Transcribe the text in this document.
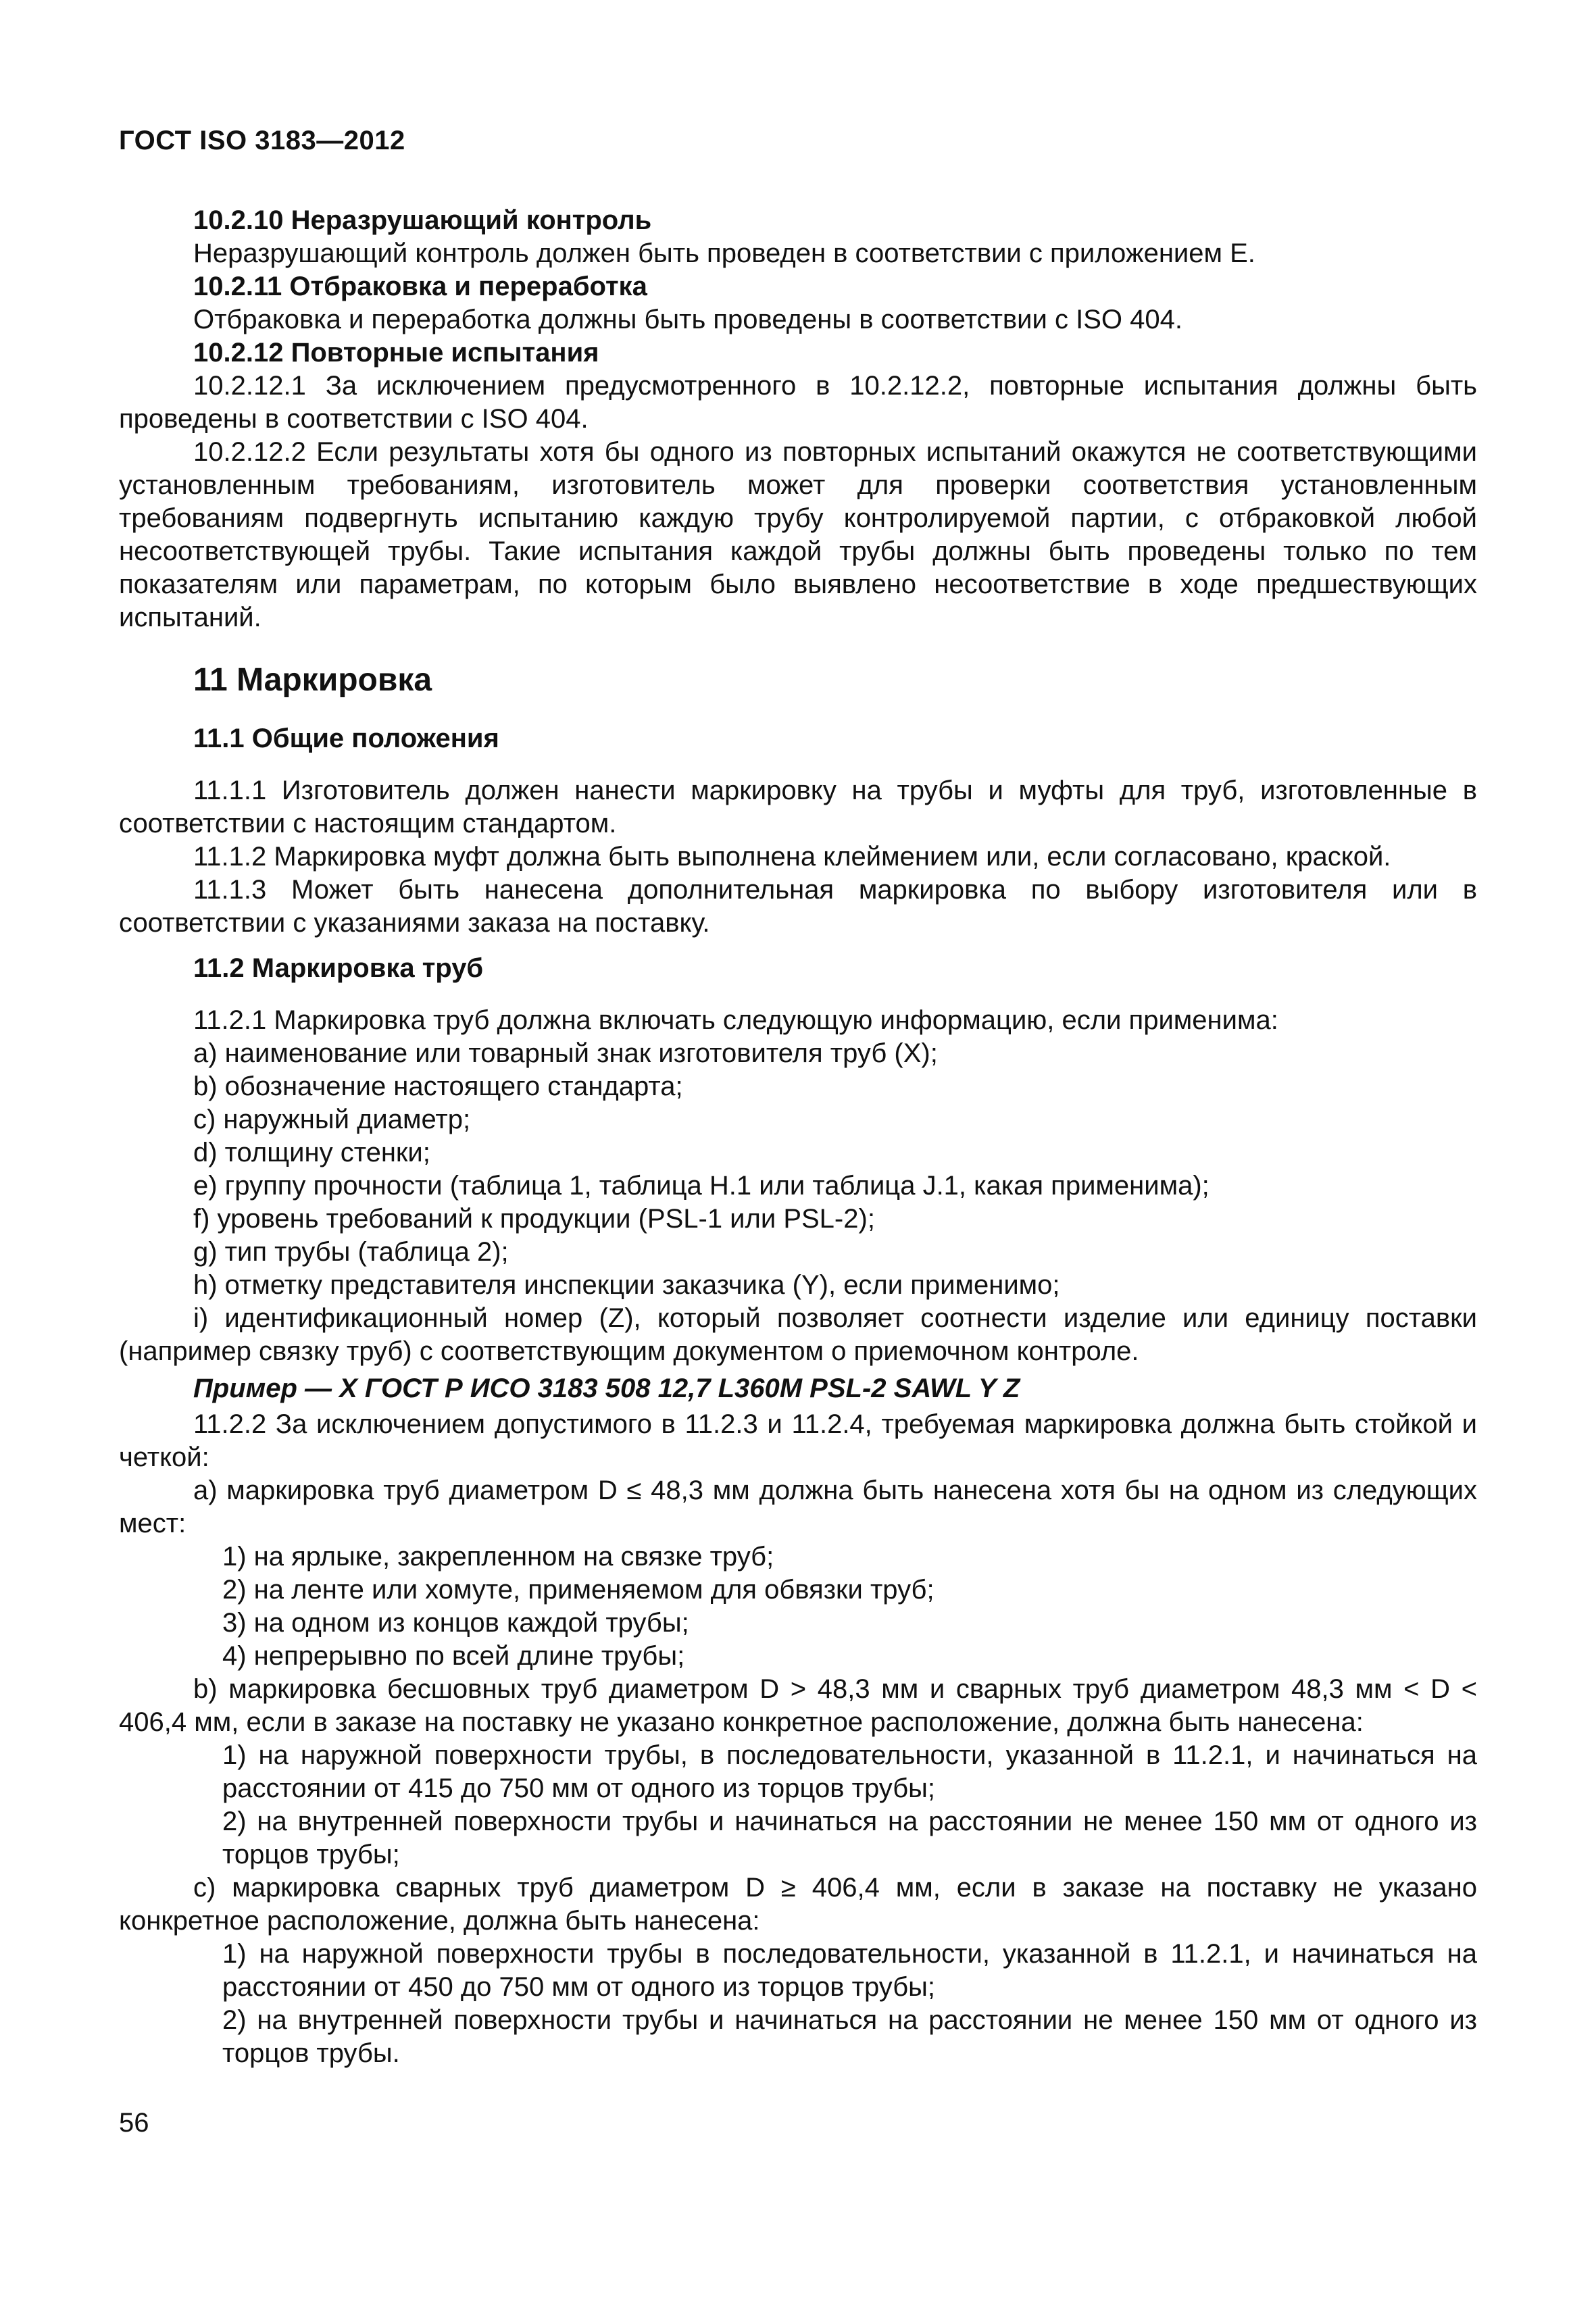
ГОСТ ISO 3183—2012

10.2.10 Неразрушающий контроль

Неразрушающий контроль должен быть проведен в соответствии с приложением Е.

10.2.11 Отбраковка и переработка

Отбраковка и переработка должны быть проведены в соответствии с ISO 404.

10.2.12 Повторные испытания

10.2.12.1 За исключением предусмотренного в 10.2.12.2, повторные испытания должны быть проведены в соответствии с ISO 404.

10.2.12.2 Если результаты хотя бы одного из повторных испытаний окажутся не соответствующими установленным требованиям, изготовитель может для проверки соответствия установленным требованиям подвергнуть испытанию каждую трубу контролируемой партии, с отбраковкой любой несоответствующей трубы. Такие испытания каждой трубы должны быть проведены только по тем показателям или параметрам, по которым было выявлено несоответствие в ходе предшествующих испытаний.

11 Маркировка

11.1 Общие положения

11.1.1 Изготовитель должен нанести маркировку на трубы и муфты для труб, изготовленные в соответствии с настоящим стандартом.

11.1.2 Маркировка муфт должна быть выполнена клеймением или, если согласовано, краской.

11.1.3 Может быть нанесена дополнительная маркировка по выбору изготовителя или в соответствии с указаниями заказа на поставку.

11.2 Маркировка труб

11.2.1 Маркировка труб должна включать следующую информацию, если применима:

a) наименование или товарный знак изготовителя труб (X);

b) обозначение настоящего стандарта;

c) наружный диаметр;

d) толщину стенки;

e) группу прочности (таблица 1, таблица H.1 или таблица J.1, какая применима);

f) уровень требований к продукции (PSL-1 или PSL-2);

g) тип трубы (таблица 2);

h) отметку представителя инспекции заказчика (Y), если применимо;

i) идентификационный номер (Z), который позволяет соотнести изделие или единицу поставки (например связку труб) с соответствующим документом о приемочном контроле.

Пример — X ГОСТ Р ИСО 3183 508 12,7 L360M PSL-2 SAWL Y Z

11.2.2 За исключением допустимого в 11.2.3 и 11.2.4, требуемая маркировка должна быть стойкой и четкой:

a) маркировка труб диаметром D ≤ 48,3 мм должна быть нанесена хотя бы на одном из следующих мест:

1) на ярлыке, закрепленном на связке труб;

2) на ленте или хомуте, применяемом для обвязки труб;

3) на одном из концов каждой трубы;

4) непрерывно по всей длине трубы;

b) маркировка бесшовных труб диаметром D > 48,3 мм и сварных труб диаметром 48,3 мм < D < 406,4 мм, если в заказе на поставку не указано конкретное расположение, должна быть нанесена:

1) на наружной поверхности трубы, в последовательности, указанной в 11.2.1, и начинаться на расстоянии от 415 до 750 мм от одного из торцов трубы;

2) на внутренней поверхности трубы и начинаться на расстоянии не менее 150 мм от одного из торцов трубы;

c) маркировка сварных труб диаметром D ≥ 406,4 мм, если в заказе на поставку не указано конкретное расположение, должна быть нанесена:

1) на наружной поверхности трубы в последовательности, указанной в 11.2.1, и начинаться на расстоянии от 450 до 750 мм от одного из торцов трубы;

2) на внутренней поверхности трубы и начинаться на расстоянии не менее 150 мм от одного из торцов трубы.

56
